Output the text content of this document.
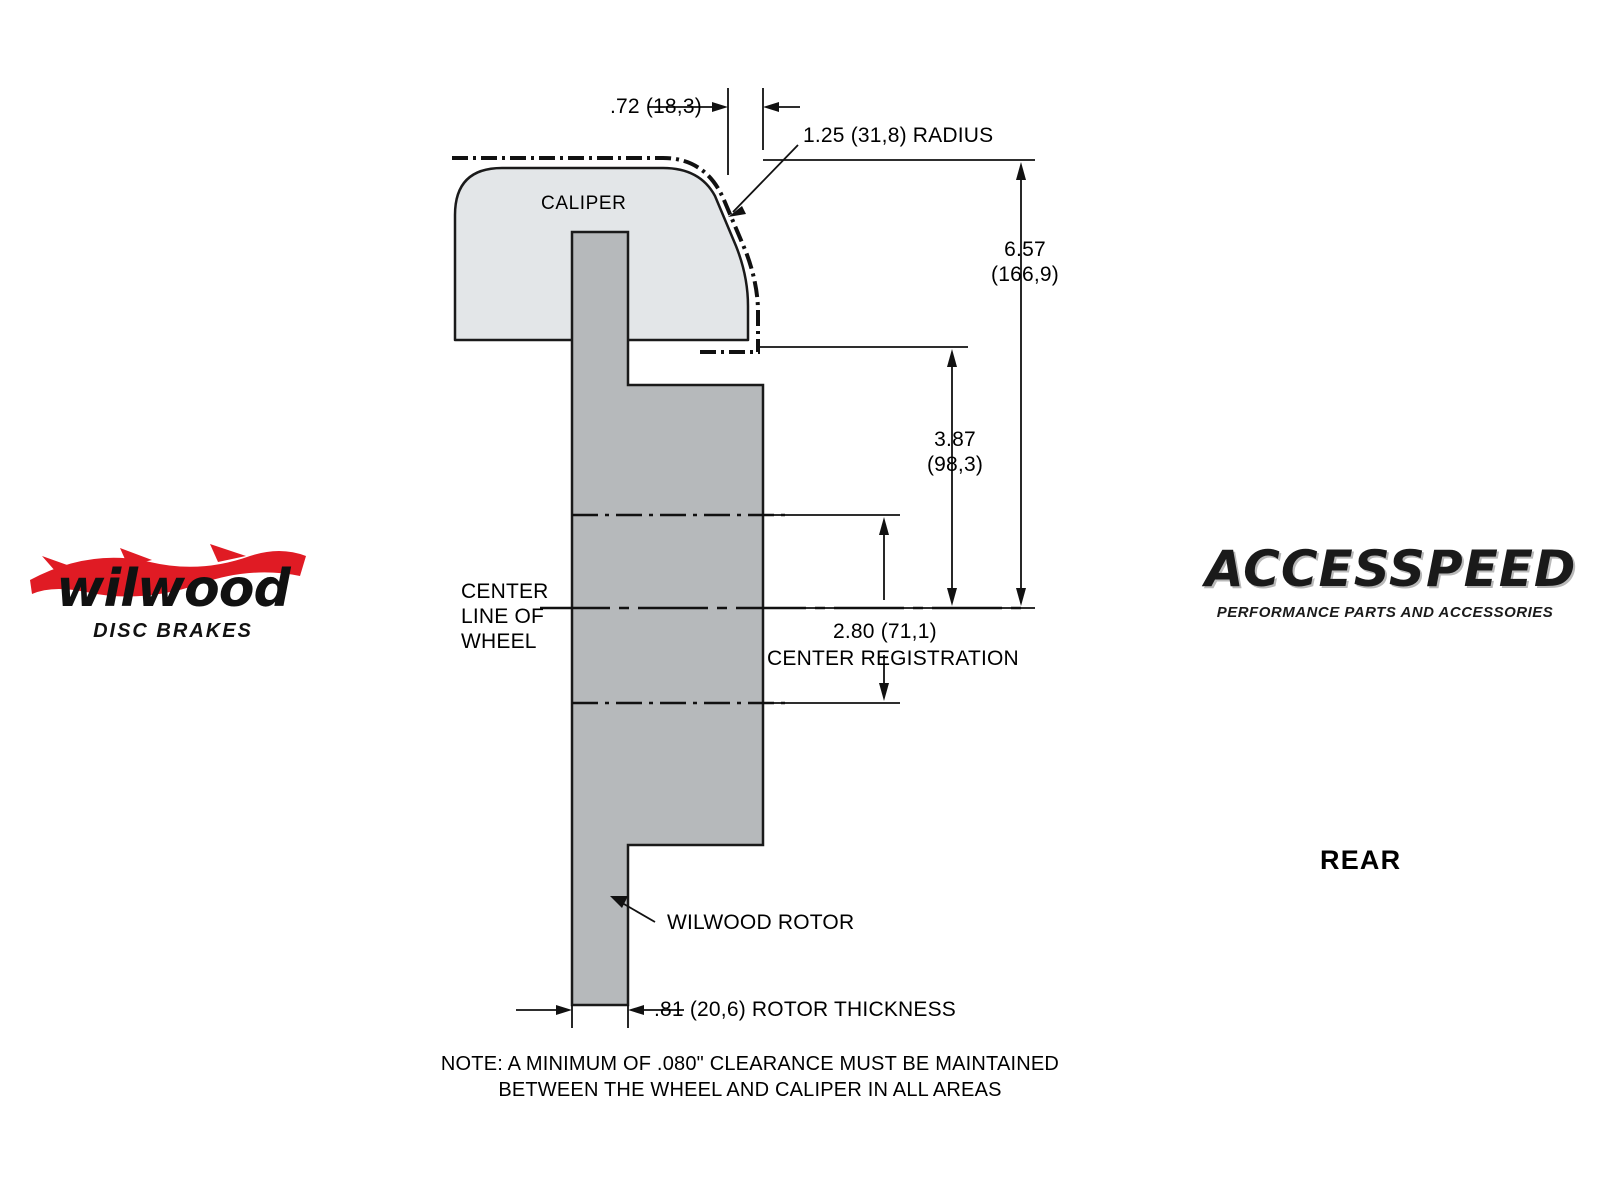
.72 (18,3)
1.25 (31,8) RADIUS
CALIPER
6.57
(166,9)
3.87
(98,3)
CENTER
LINE OF
WHEEL	2.80 (71,1)
CENTER REGISTRATION
WILWOOD ROTOR
.81 (20,6) ROTOR THICKNESS
NOTE: A MINIMUM OF .080" CLEARANCE MUST BE MAINTAINED
BETWEEN THE WHEEL AND CALIPER IN ALL AREAS
REAR
wilwood
DISC BRAKES
ACCESSPEED
PERFORMANCE PARTS AND ACCESSORIES
